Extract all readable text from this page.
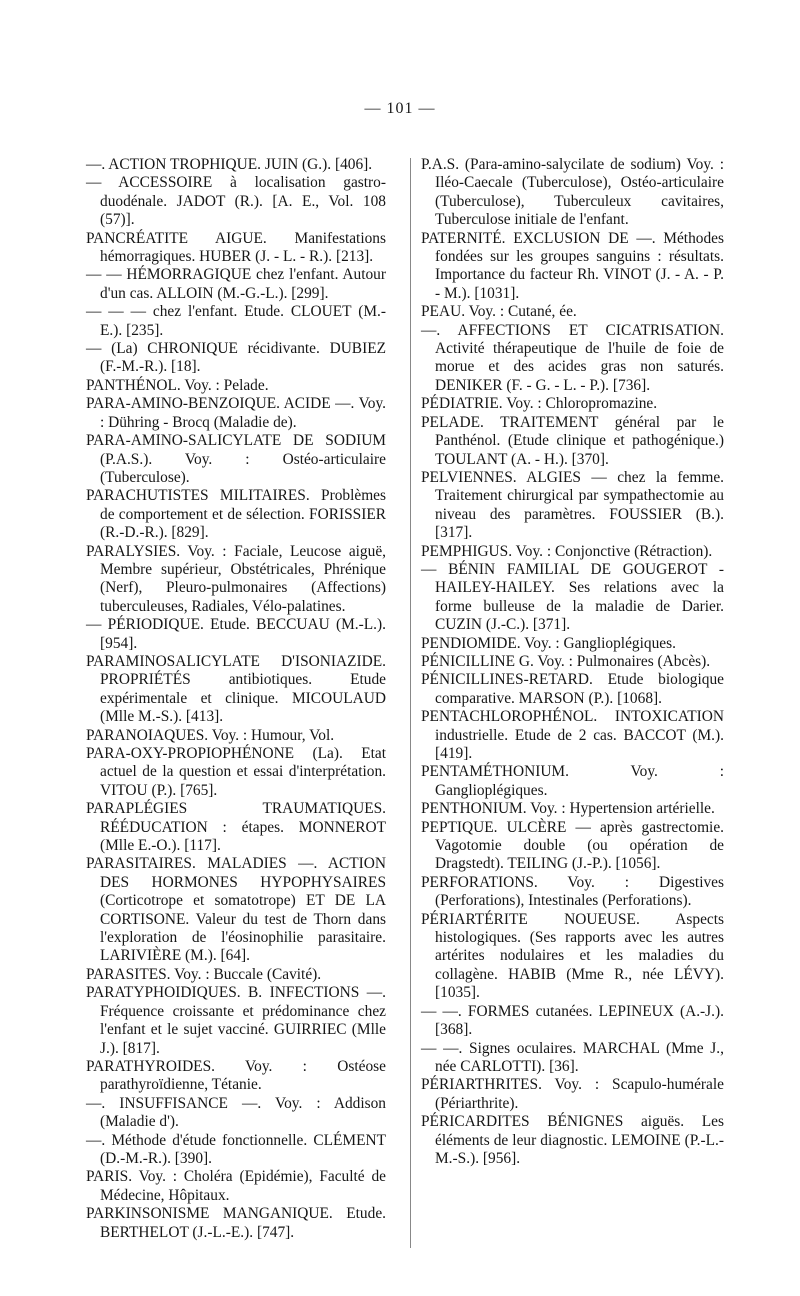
— 101 —

—. ACTION TROPHIQUE. JUIN (G.). [406].

— ACCESSOIRE à localisation gastro-duodénale. JADOT (R.). [A. E., Vol. 108 (57)].

PANCRÉATITE AIGUE. Manifestations hémorragiques. HUBER (J. - L. - R.). [213].

— — HÉMORRAGIQUE chez l'enfant. Autour d'un cas. ALLOIN (M.-G.-L.). [299].

— — — chez l'enfant. Etude. CLOUET (M.-E.). [235].

— (La) CHRONIQUE récidivante. DUBIEZ (F.-M.-R.). [18].

PANTHÉNOL. Voy. : Pelade.

PARA-AMINO-BENZOIQUE. ACIDE —. Voy. : Dühring - Brocq (Maladie de).

PARA-AMINO-SALICYLATE DE SODIUM (P.A.S.). Voy. : Ostéo-articulaire (Tuberculose).

PARACHUTISTES MILITAIRES. Problèmes de comportement et de sélection. FORISSIER (R.-D.-R.). [829].

PARALYSIES. Voy. : Faciale, Leucose aiguë, Membre supérieur, Obstétricales, Phrénique (Nerf), Pleuro-pulmonaires (Affections) tuberculeuses, Radiales, Vélo-palatines.

— PÉRIODIQUE. Etude. BECCUAU (M.-L.). [954].

PARAMINOSALICYLATE D'ISONIAZIDE. PROPRIÉTÉS antibiotiques. Etude expérimentale et clinique. MICOULAUD (Mlle M.-S.). [413].

PARANOIAQUES. Voy. : Humour, Vol.

PARA-OXY-PROPIOPHÉNONE (La). Etat actuel de la question et essai d'interprétation. VITOU (P.). [765].

PARAPLÉGIES TRAUMATIQUES. RÉÉDUCATION : étapes. MONNEROT (Mlle E.-O.). [117].

PARASITAIRES. MALADIES —. ACTION DES HORMONES HYPOPHYSAIRES (Corticotrope et somatotrope) ET DE LA CORTISONE. Valeur du test de Thorn dans l'exploration de l'éosinophilie parasitaire. LARIVIÈRE (M.). [64].

PARASITES. Voy. : Buccale (Cavité).

PARATYPHOIDIQUES. B. INFECTIONS —. Fréquence croissante et prédominance chez l'enfant et le sujet vacciné. GUIRRIEC (Mlle J.). [817].

PARATHYROIDES. Voy. : Ostéose parathyroïdienne, Tétanie.

—. INSUFFISANCE —. Voy. : Addison (Maladie d').

—. Méthode d'étude fonctionnelle. CLÉMENT (D.-M.-R.). [390].

PARIS. Voy. : Choléra (Epidémie), Faculté de Médecine, Hôpitaux.

PARKINSONISME MANGANIQUE. Etude. BERTHELOT (J.-L.-E.). [747].

P.A.S. (Para-amino-salycilate de sodium) Voy. : Iléo-Caecale (Tuberculose), Ostéo-articulaire (Tuberculose), Tuberculeux cavitaires, Tuberculose initiale de l'enfant.

PATERNITÉ. EXCLUSION DE —. Méthodes fondées sur les groupes sanguins : résultats. Importance du facteur Rh. VINOT (J. - A. - P. - M.). [1031].

PEAU. Voy. : Cutané, ée.

—. AFFECTIONS ET CICATRISATION. Activité thérapeutique de l'huile de foie de morue et des acides gras non saturés. DENIKER (F. - G. - L. - P.). [736].

PÉDIATRIE. Voy. : Chloropromazine.

PELADE. TRAITEMENT général par le Panthénol. (Etude clinique et pathogénique.) TOULANT (A. - H.). [370].

PELVIENNES. ALGIES — chez la femme. Traitement chirurgical par sympathectomie au niveau des paramètres. FOUSSIER (B.). [317].

PEMPHIGUS. Voy. : Conjonctive (Rétraction).

— BÉNIN FAMILIAL DE GOUGEROT - HAILEY-HAILEY. Ses relations avec la forme bulleuse de la maladie de Darier. CUZIN (J.-C.). [371].

PENDIOMIDE. Voy. : Ganglioplégiques.

PÉNICILLINE G. Voy. : Pulmonaires (Abcès).

PÉNICILLINES-RETARD. Etude biologique comparative. MARSON (P.). [1068].

PENTACHLOROPHÉNOL. INTOXICATION industrielle. Etude de 2 cas. BACCOT (M.). [419].

PENTAMÉTHONIUM. Voy. : Ganglioplégiques.

PENTHONIUM. Voy. : Hypertension artérielle.

PEPTIQUE. ULCÈRE — après gastrectomie. Vagotomie double (ou opération de Dragstedt). TEILING (J.-P.). [1056].

PERFORATIONS. Voy. : Digestives (Perforations), Intestinales (Perforations).

PÉRIARTÉRITE NOUEUSE. Aspects histologiques. (Ses rapports avec les autres artérites nodulaires et les maladies du collagène. HABIB (Mme R., née LÉVY). [1035].

— —. FORMES cutanées. LEPINEUX (A.-J.). [368].

— —. Signes oculaires. MARCHAL (Mme J., née CARLOTTI). [36].

PÉRIARTHRITES. Voy. : Scapulo-humérale (Périarthrite).

PÉRICARDITES BÉNIGNES aiguës. Les éléments de leur diagnostic. LEMOINE (P.-L.-M.-S.). [956].
